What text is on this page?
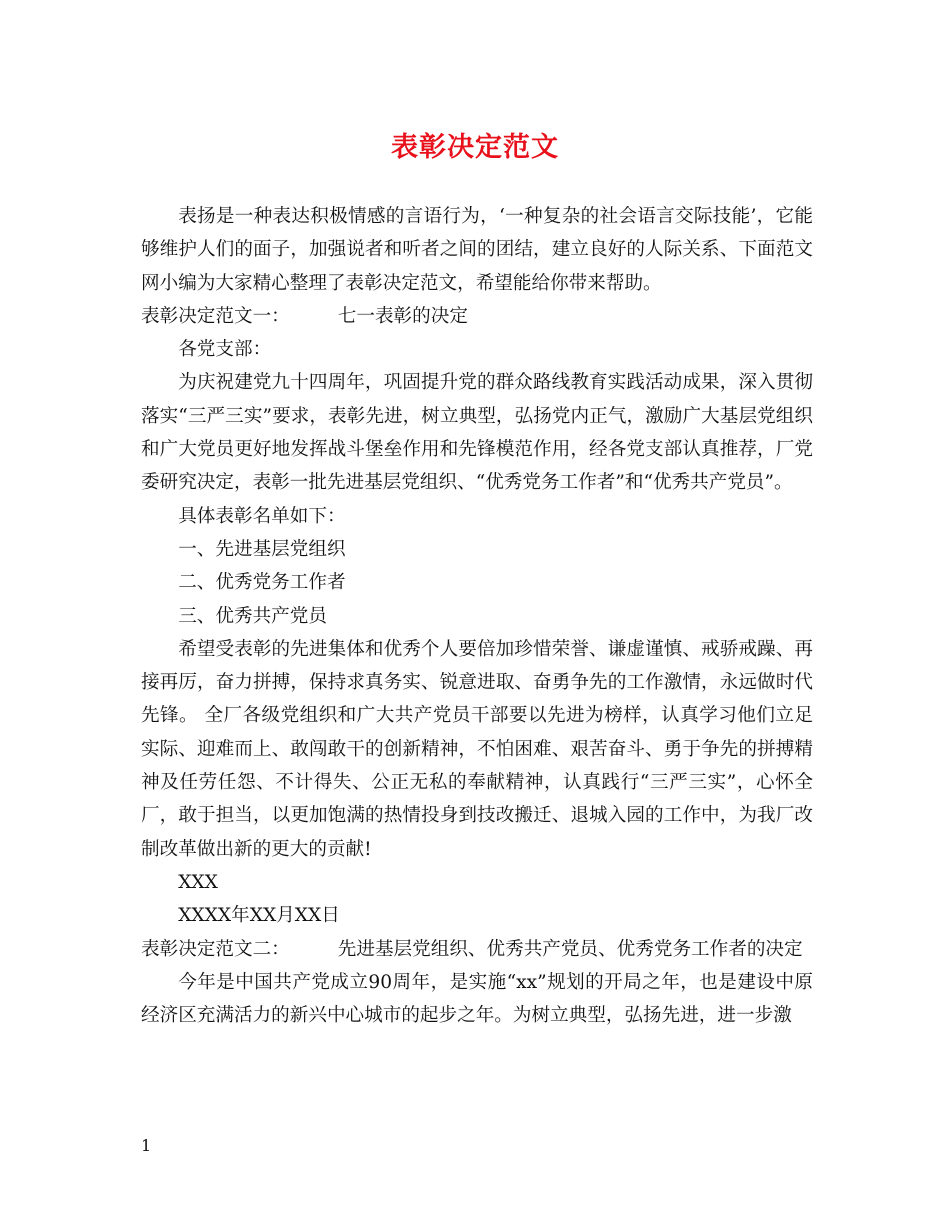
表彰决定范文

表扬是一种表达积极情感的言语行为，‘一种复杂的社会语言交际技能’，它能够维护人们的面子，加强说者和听者之间的团结，建立良好的人际关系、下面范文网小编为大家精心整理了表彰决定范文，希望能给你带来帮助。

表彰决定范文一：	七一表彰的决定

各党支部：

为庆祝建党九十四周年，巩固提升党的群众路线教育实践活动成果，深入贯彻落实“三严三实”要求，表彰先进，树立典型，弘扬党内正气，激励广大基层党组织和广大党员更好地发挥战斗堡垒作用和先锋模范作用，经各党支部认真推荐，厂党委研究决定，表彰一批先进基层党组织、“优秀党务工作者”和“优秀共产党员”。

具体表彰名单如下：

一、先进基层党组织

二、优秀党务工作者

三、优秀共产党员

希望受表彰的先进集体和优秀个人要倍加珍惜荣誉、谦虚谨慎、戒骄戒躁、再接再厉，奋力拼搏，保持求真务实、锐意进取、奋勇争先的工作激情，永远做时代先锋。 全厂各级党组织和广大共产党员干部要以先进为榜样，认真学习他们立足实际、迎难而上、敢闯敢干的创新精神，不怕困难、艰苦奋斗、勇于争先的拼搏精神及任劳任怨、不计得失、公正无私的奉献精神，认真践行“三严三实”，心怀全厂，敢于担当，以更加饱满的热情投身到技改搬迁、退城入园的工作中，为我厂改制改革做出新的更大的贡献!

XXX

XXXX年XX月XX日

表彰决定范文二：	先进基层党组织、优秀共产党员、优秀党务工作者的决定

今年是中国共产党成立90周年，是实施“xx”规划的开局之年，也是建设中原经济区充满活力的新兴中心城市的起步之年。为树立典型，弘扬先进，进一步激

1
